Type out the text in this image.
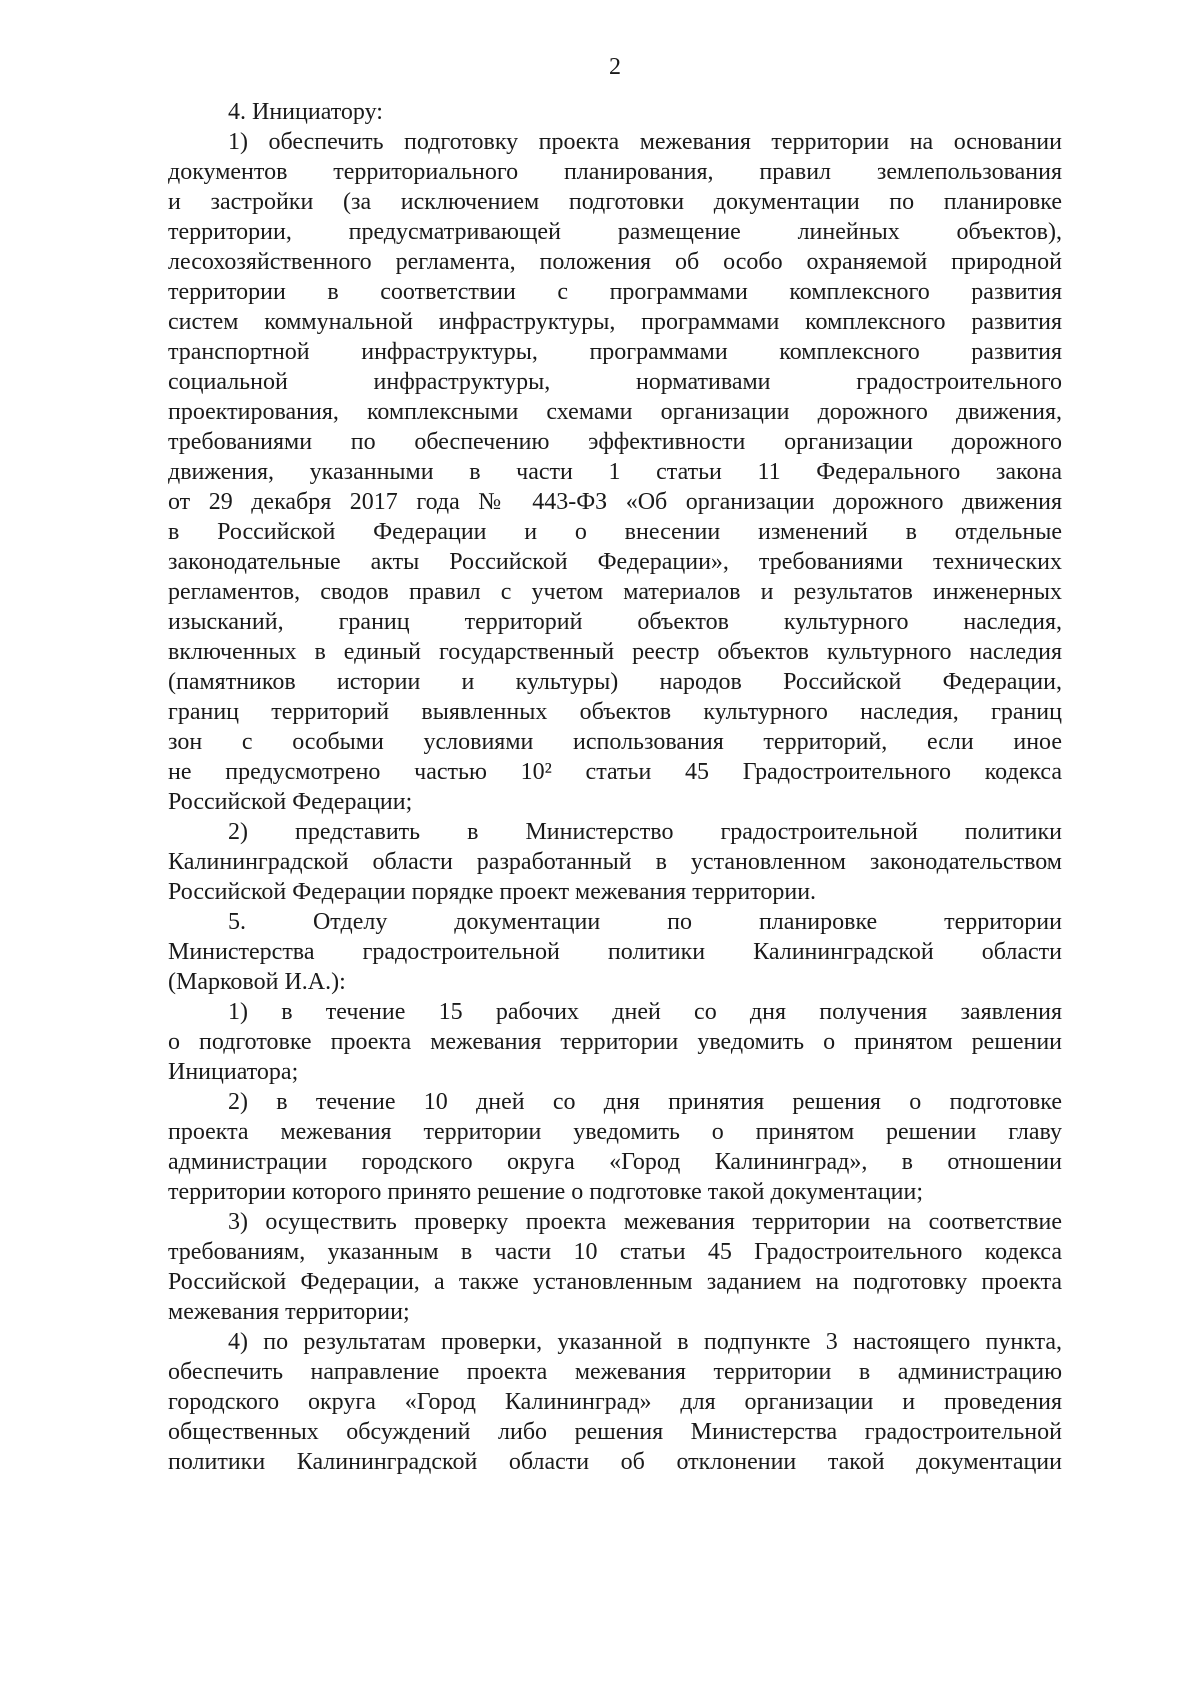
2
4. Инициатору:
1) обеспечить подготовку проекта межевания территории на основании
документов территориального планирования, правил землепользования
и застройки (за исключением подготовки документации по планировке
территории, предусматривающей размещение линейных объектов),
лесохозяйственного регламента, положения об особо охраняемой природной
территории в соответствии с программами комплексного развития
систем коммунальной инфраструктуры, программами комплексного развития
транспортной инфраструктуры, программами комплексного развития
социальной инфраструктуры, нормативами градостроительного
проектирования, комплексными схемами организации дорожного движения,
требованиями по обеспечению эффективности организации дорожного
движения, указанными в части 1 статьи 11 Федерального закона
от 29 декабря 2017 года № 443-ФЗ «Об организации дорожного движения
в Российской Федерации и о внесении изменений в отдельные
законодательные акты Российской Федерации», требованиями технических
регламентов, сводов правил с учетом материалов и результатов инженерных
изысканий, границ территорий объектов культурного наследия,
включенных в единый государственный реестр объектов культурного наследия
(памятников истории и культуры) народов Российской Федерации,
границ территорий выявленных объектов культурного наследия, границ
зон с особыми условиями использования территорий, если иное
не предусмотрено частью 10² статьи 45 Градостроительного кодекса
Российской Федерации;
2) представить в Министерство градостроительной политики
Калининградской области разработанный в установленном законодательством
Российской Федерации порядке проект межевания территории.
5. Отделу документации по планировке территории
Министерства градостроительной политики Калининградской области
(Марковой И.А.):
1) в течение 15 рабочих дней со дня получения заявления
о подготовке проекта межевания территории уведомить о принятом решении
Инициатора;
2) в течение 10 дней со дня принятия решения о подготовке
проекта межевания территории уведомить о принятом решении главу
администрации городского округа «Город Калининград», в отношении
территории которого принято решение о подготовке такой документации;
3) осуществить проверку проекта межевания территории на соответствие
требованиям, указанным в части 10 статьи 45 Градостроительного кодекса
Российской Федерации, а также установленным заданием на подготовку проекта
межевания территории;
4) по результатам проверки, указанной в подпункте 3 настоящего пункта,
обеспечить направление проекта межевания территории в администрацию
городского округа «Город Калининград» для организации и проведения
общественных обсуждений либо решения Министерства градостроительной
политики Калининградской области об отклонении такой документации
